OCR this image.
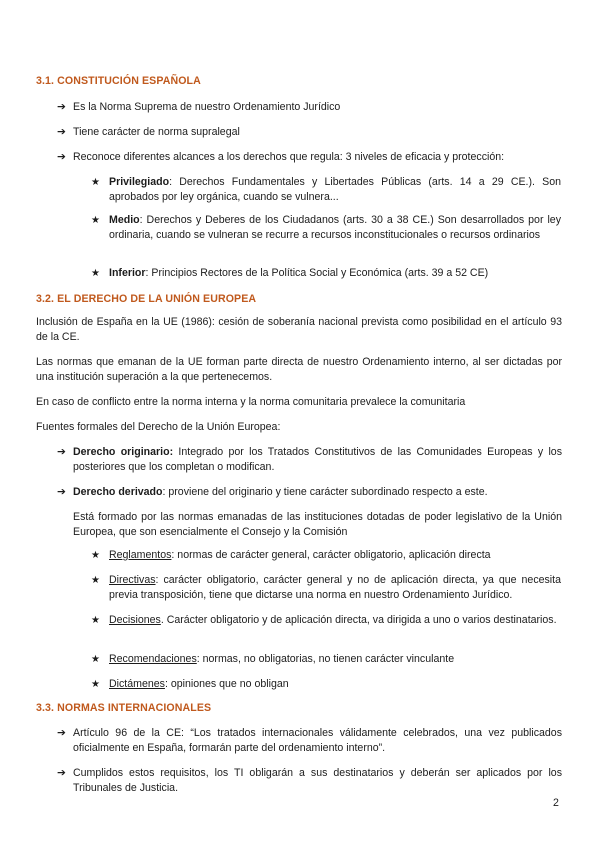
3.1. CONSTITUCIÓN ESPAÑOLA
➔ Es la Norma Suprema de nuestro Ordenamiento Jurídico
➔ Tiene carácter de norma supralegal
➔ Reconoce diferentes alcances a los derechos que regula: 3 niveles de eficacia y protección:
★ Privilegiado: Derechos Fundamentales y Libertades Públicas (arts. 14 a 29 CE.). Son aprobados por ley orgánica, cuando se vulnera...
★ Medio: Derechos y Deberes de los Ciudadanos (arts. 30 a 38 CE.) Son desarrollados por ley ordinaria, cuando se vulneran se recurre a recursos inconstitucionales o recursos ordinarios
★ Inferior: Principios Rectores de la Política Social y Económica (arts. 39 a 52 CE)
3.2. EL DERECHO DE LA UNIÓN EUROPEA
Inclusión de España en la UE (1986): cesión de soberanía nacional prevista como posibilidad en el artículo 93 de la CE.
Las normas que emanan de la UE forman parte directa de nuestro Ordenamiento interno, al ser dictadas por una institución superación a la que pertenecemos.
En caso de conflicto entre la norma interna y la norma comunitaria prevalece la comunitaria
Fuentes formales del Derecho de la Unión Europea:
➔ Derecho originario: Integrado por los Tratados Constitutivos de las Comunidades Europeas y los posteriores que los completan o modifican.
➔ Derecho derivado: proviene del originario y tiene carácter subordinado respecto a este.
Está formado por las normas emanadas de las instituciones dotadas de poder legislativo de la Unión Europea, que son esencialmente el Consejo y la Comisión
★ Reglamentos: normas de carácter general, carácter obligatorio, aplicación directa
★ Directivas: carácter obligatorio, carácter general y no de aplicación directa, ya que necesita previa transposición, tiene que dictarse una norma en nuestro Ordenamiento Jurídico.
★ Decisiones. Carácter obligatorio y de aplicación directa, va dirigida a uno o varios destinatarios.
★ Recomendaciones: normas, no obligatorias, no tienen carácter vinculante
★ Dictámenes: opiniones que no obligan
3.3. NORMAS INTERNACIONALES
➔ Artículo 96 de la CE: “Los tratados internacionales válidamente celebrados, una vez publicados oficialmente en España, formarán parte del ordenamiento interno”.
➔ Cumplidos estos requisitos, los TI obligarán a sus destinatarios y deberán ser aplicados por los Tribunales de Justicia.
2
